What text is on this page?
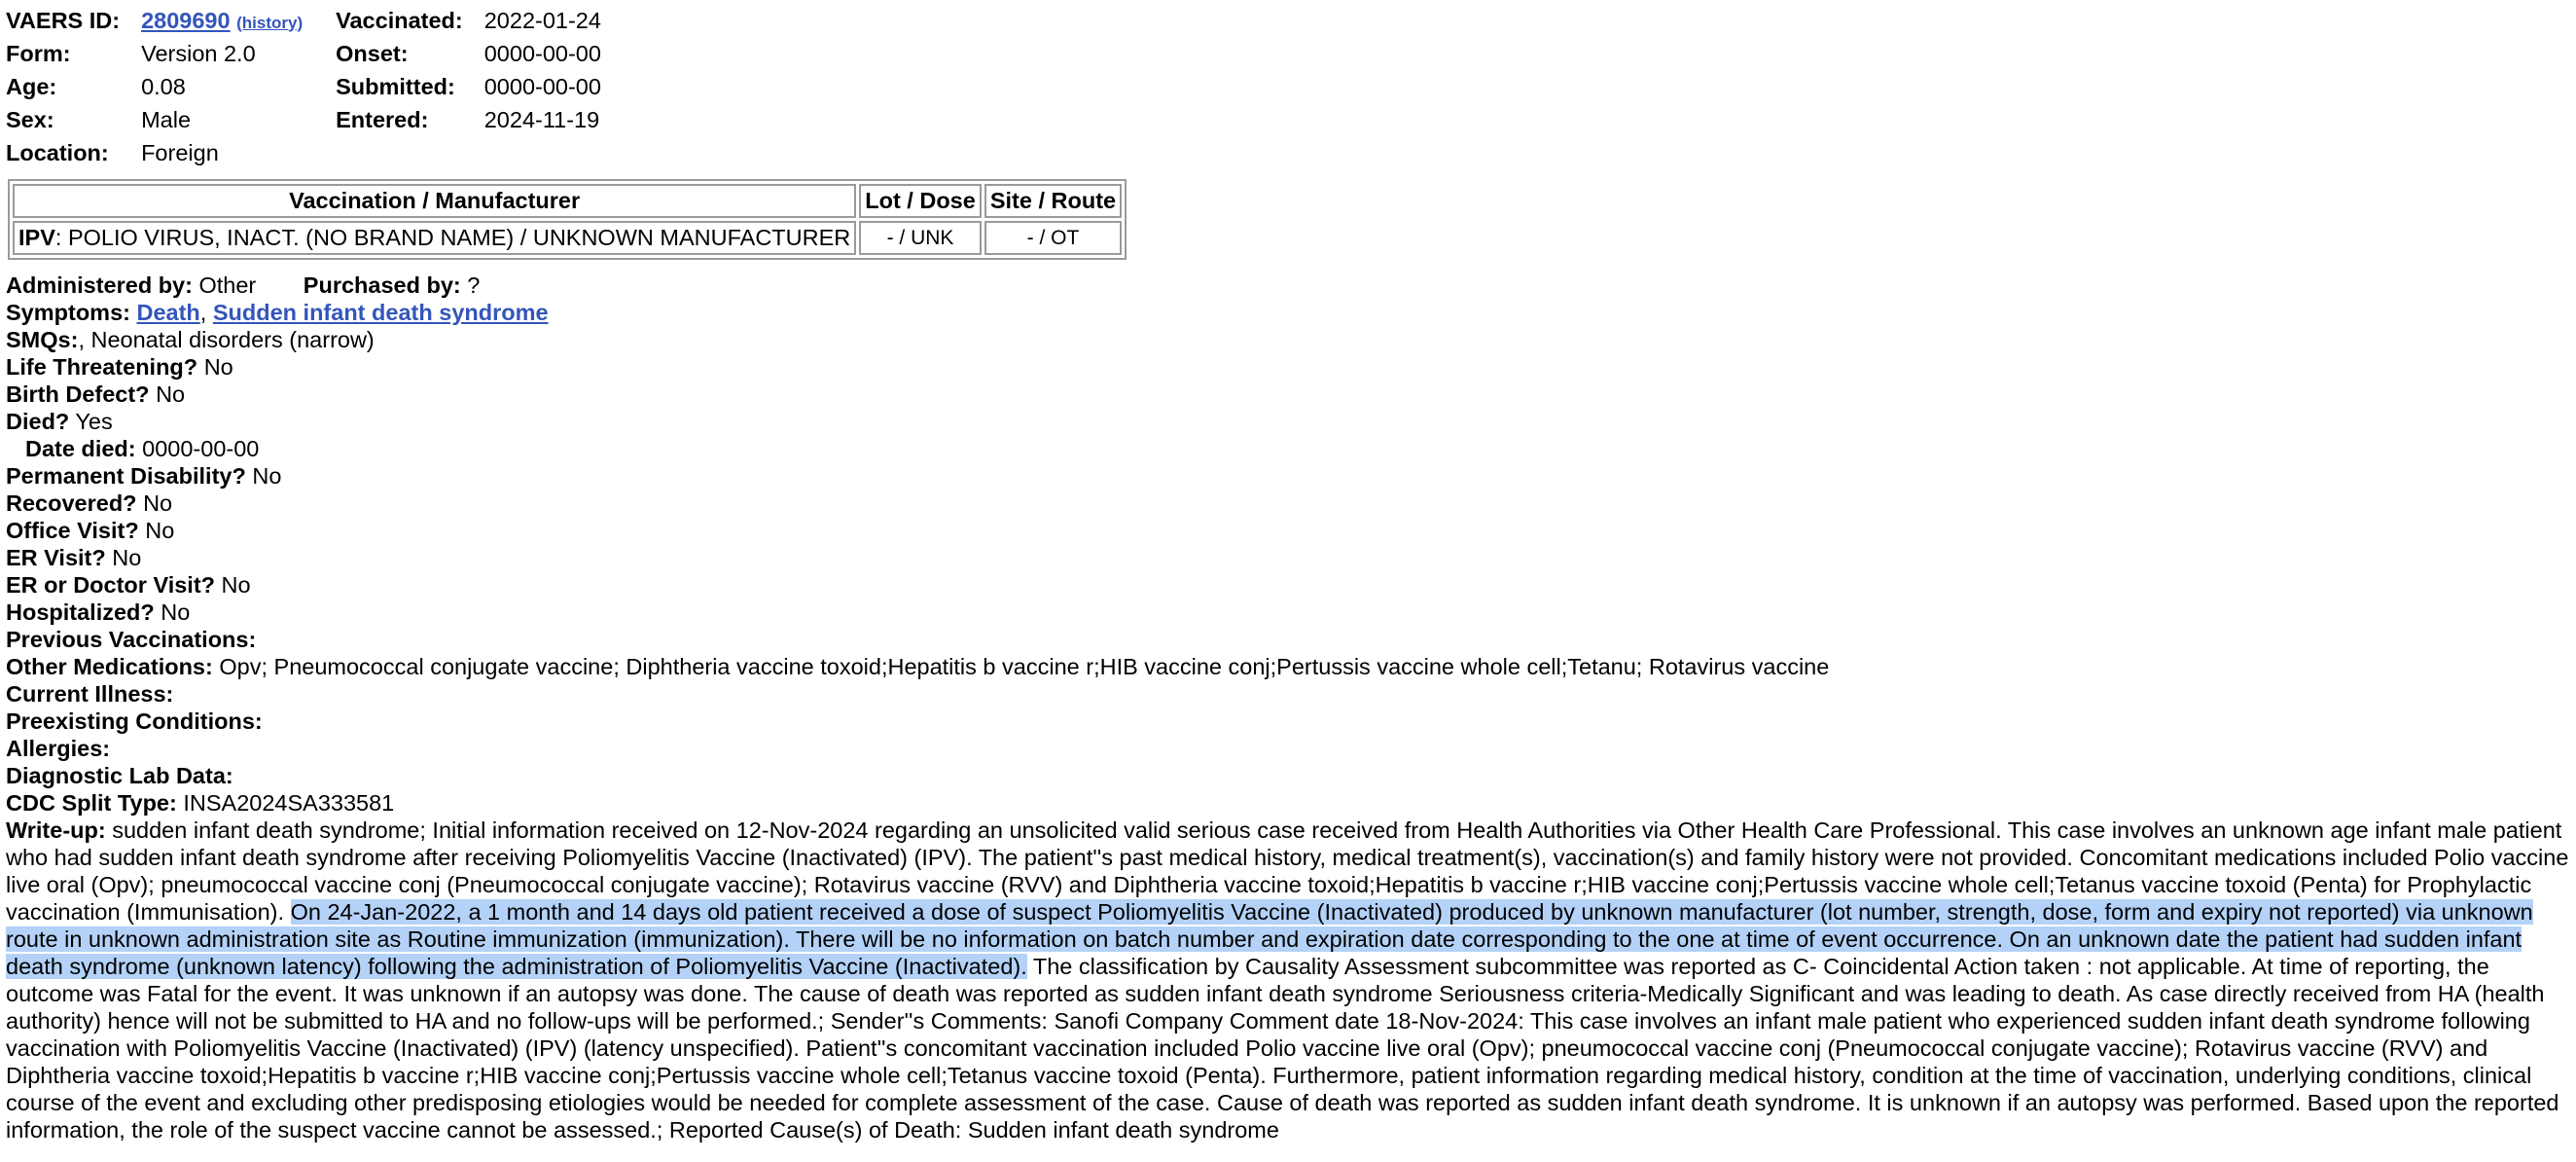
VAERS ID:	2809690 (history)	Vaccinated:	2022-01-24
Form:	Version 2.0	Onset:	0000-00-00
Age:	0.08	Submitted:	0000-00-00
Sex:	Male	Entered:	2024-11-19
Location:	Foreign		
Vaccination / Manufacturer	Lot / Dose	Site / Route
IPV: POLIO VIRUS, INACT. (NO BRAND NAME) / UNKNOWN MANUFACTURER	- / UNK	- / OT
Administered by: Other Purchased by: ?
Symptoms: Death, Sudden infant death syndrome
SMQs:, Neonatal disorders (narrow)
Life Threatening? No
Birth Defect? No
Died? Yes
Date died: 0000-00-00
Permanent Disability? No
Recovered? No
Office Visit? No
ER Visit? No
ER or Doctor Visit? No
Hospitalized? No
Previous Vaccinations:
Other Medications: Opv; Pneumococcal conjugate vaccine; Diphtheria vaccine toxoid;Hepatitis b vaccine r;HIB vaccine conj;Pertussis vaccine whole cell;Tetanu; Rotavirus vaccine
Current Illness:
Preexisting Conditions:
Allergies:
Diagnostic Lab Data:
CDC Split Type: INSA2024SA333581
Write-up: sudden infant death syndrome; Initial information received on 12-Nov-2024 regarding an unsolicited valid serious case received from Health Authorities via Other Health Care Professional. This case involves an unknown age infant male patient who had sudden infant death syndrome after receiving Poliomyelitis Vaccine (Inactivated) (IPV). The patient''s past medical history, medical treatment(s), vaccination(s) and family history were not provided. Concomitant medications included Polio vaccine live oral (Opv); pneumococcal vaccine conj (Pneumococcal conjugate vaccine); Rotavirus vaccine (RVV) and Diphtheria vaccine toxoid;Hepatitis b vaccine r;HIB vaccine conj;Pertussis vaccine whole cell;Tetanus vaccine toxoid (Penta) for Prophylactic vaccination (Immunisation). On 24-Jan-2022, a 1 month and 14 days old patient received a dose of suspect Poliomyelitis Vaccine (Inactivated) produced by unknown manufacturer (lot number, strength, dose, form and expiry not reported) via unknown route in unknown administration site as Routine immunization (immunization). There will be no information on batch number and expiration date corresponding to the one at time of event occurrence. On an unknown date the patient had sudden infant death syndrome (unknown latency) following the administration of Poliomyelitis Vaccine (Inactivated). The classification by Causality Assessment subcommittee was reported as C- Coincidental Action taken : not applicable. At time of reporting, the outcome was Fatal for the event. It was unknown if an autopsy was done. The cause of death was reported as sudden infant death syndrome Seriousness criteria-Medically Significant and was leading to death. As case directly received from HA (health authority) hence will not be submitted to HA and no follow-ups will be performed.; Sender''s Comments: Sanofi Company Comment date 18-Nov-2024: This case involves an infant male patient who experienced sudden infant death syndrome following vaccination with Poliomyelitis Vaccine (Inactivated) (IPV) (latency unspecified). Patient''s concomitant vaccination included Polio vaccine live oral (Opv); pneumococcal vaccine conj (Pneumococcal conjugate vaccine); Rotavirus vaccine (RVV) and Diphtheria vaccine toxoid;Hepatitis b vaccine r;HIB vaccine conj;Pertussis vaccine whole cell;Tetanus vaccine toxoid (Penta). Furthermore, patient information regarding medical history, condition at the time of vaccination, underlying conditions, clinical course of the event and excluding other predisposing etiologies would be needed for complete assessment of the case. Cause of death was reported as sudden infant death syndrome. It is unknown if an autopsy was performed. Based upon the reported information, the role of the suspect vaccine cannot be assessed.; Reported Cause(s) of Death: Sudden infant death syndrome
